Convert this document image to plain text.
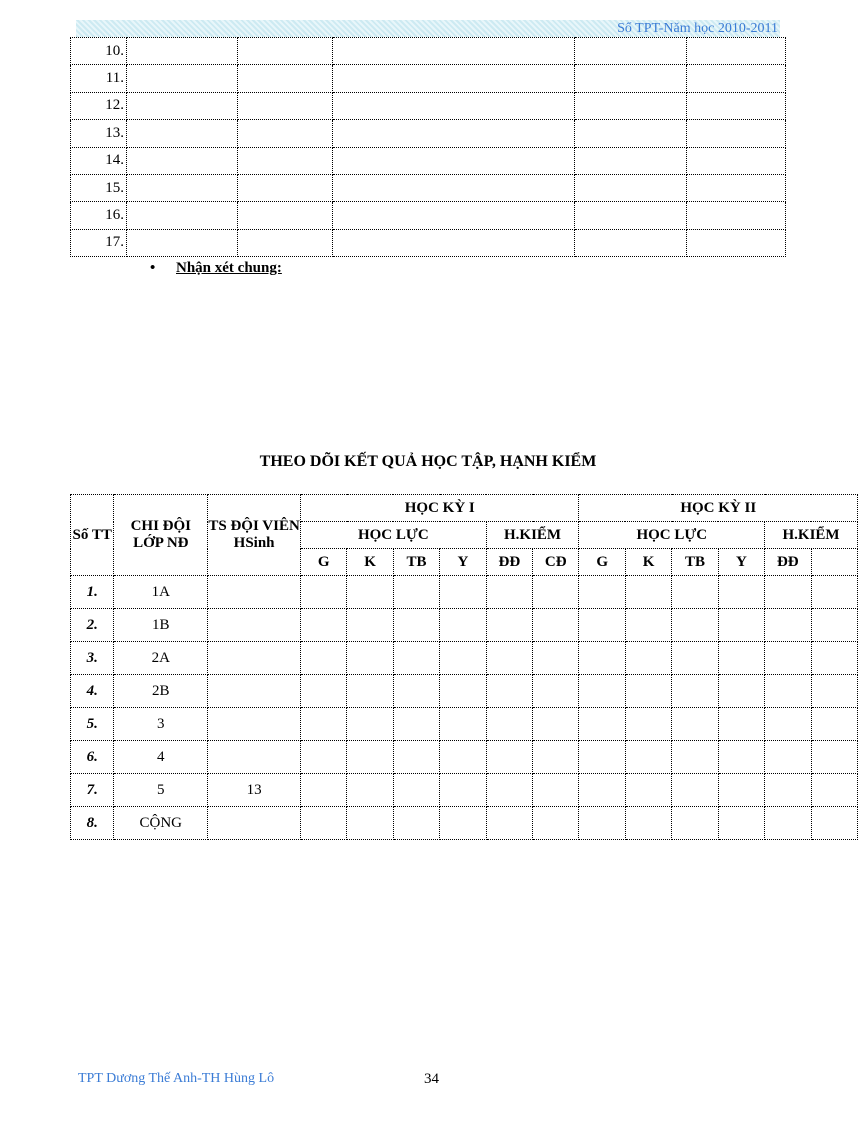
Sổ TPT-Năm học 2010-2011
10.					
11.					
12.					
13.					
14.					
15.					
16.					
17.					
• Nhận xét chung:
THEO DÕI KẾT QUẢ HỌC TẬP, HẠNH KIỂM
Số TT	CHI ĐỘI LỚP NĐ	TS ĐỘI VIÊN HSinh	HỌC KỲ I						HỌC KỲ II					
			HỌC LỰC				H.KIỂM		HỌC LỰC				H.KIỂM	
			G	K	TB	Y	ĐĐ	CĐ	G	K	TB	Y	ĐĐ	
1.	1A													
2.	1B													
3.	2A													
4.	2B													
5.	3													
6.	4													
7.	5	13												
8.	CỘNG													
TPT Dương Thế Anh-TH Hùng Lô	34
